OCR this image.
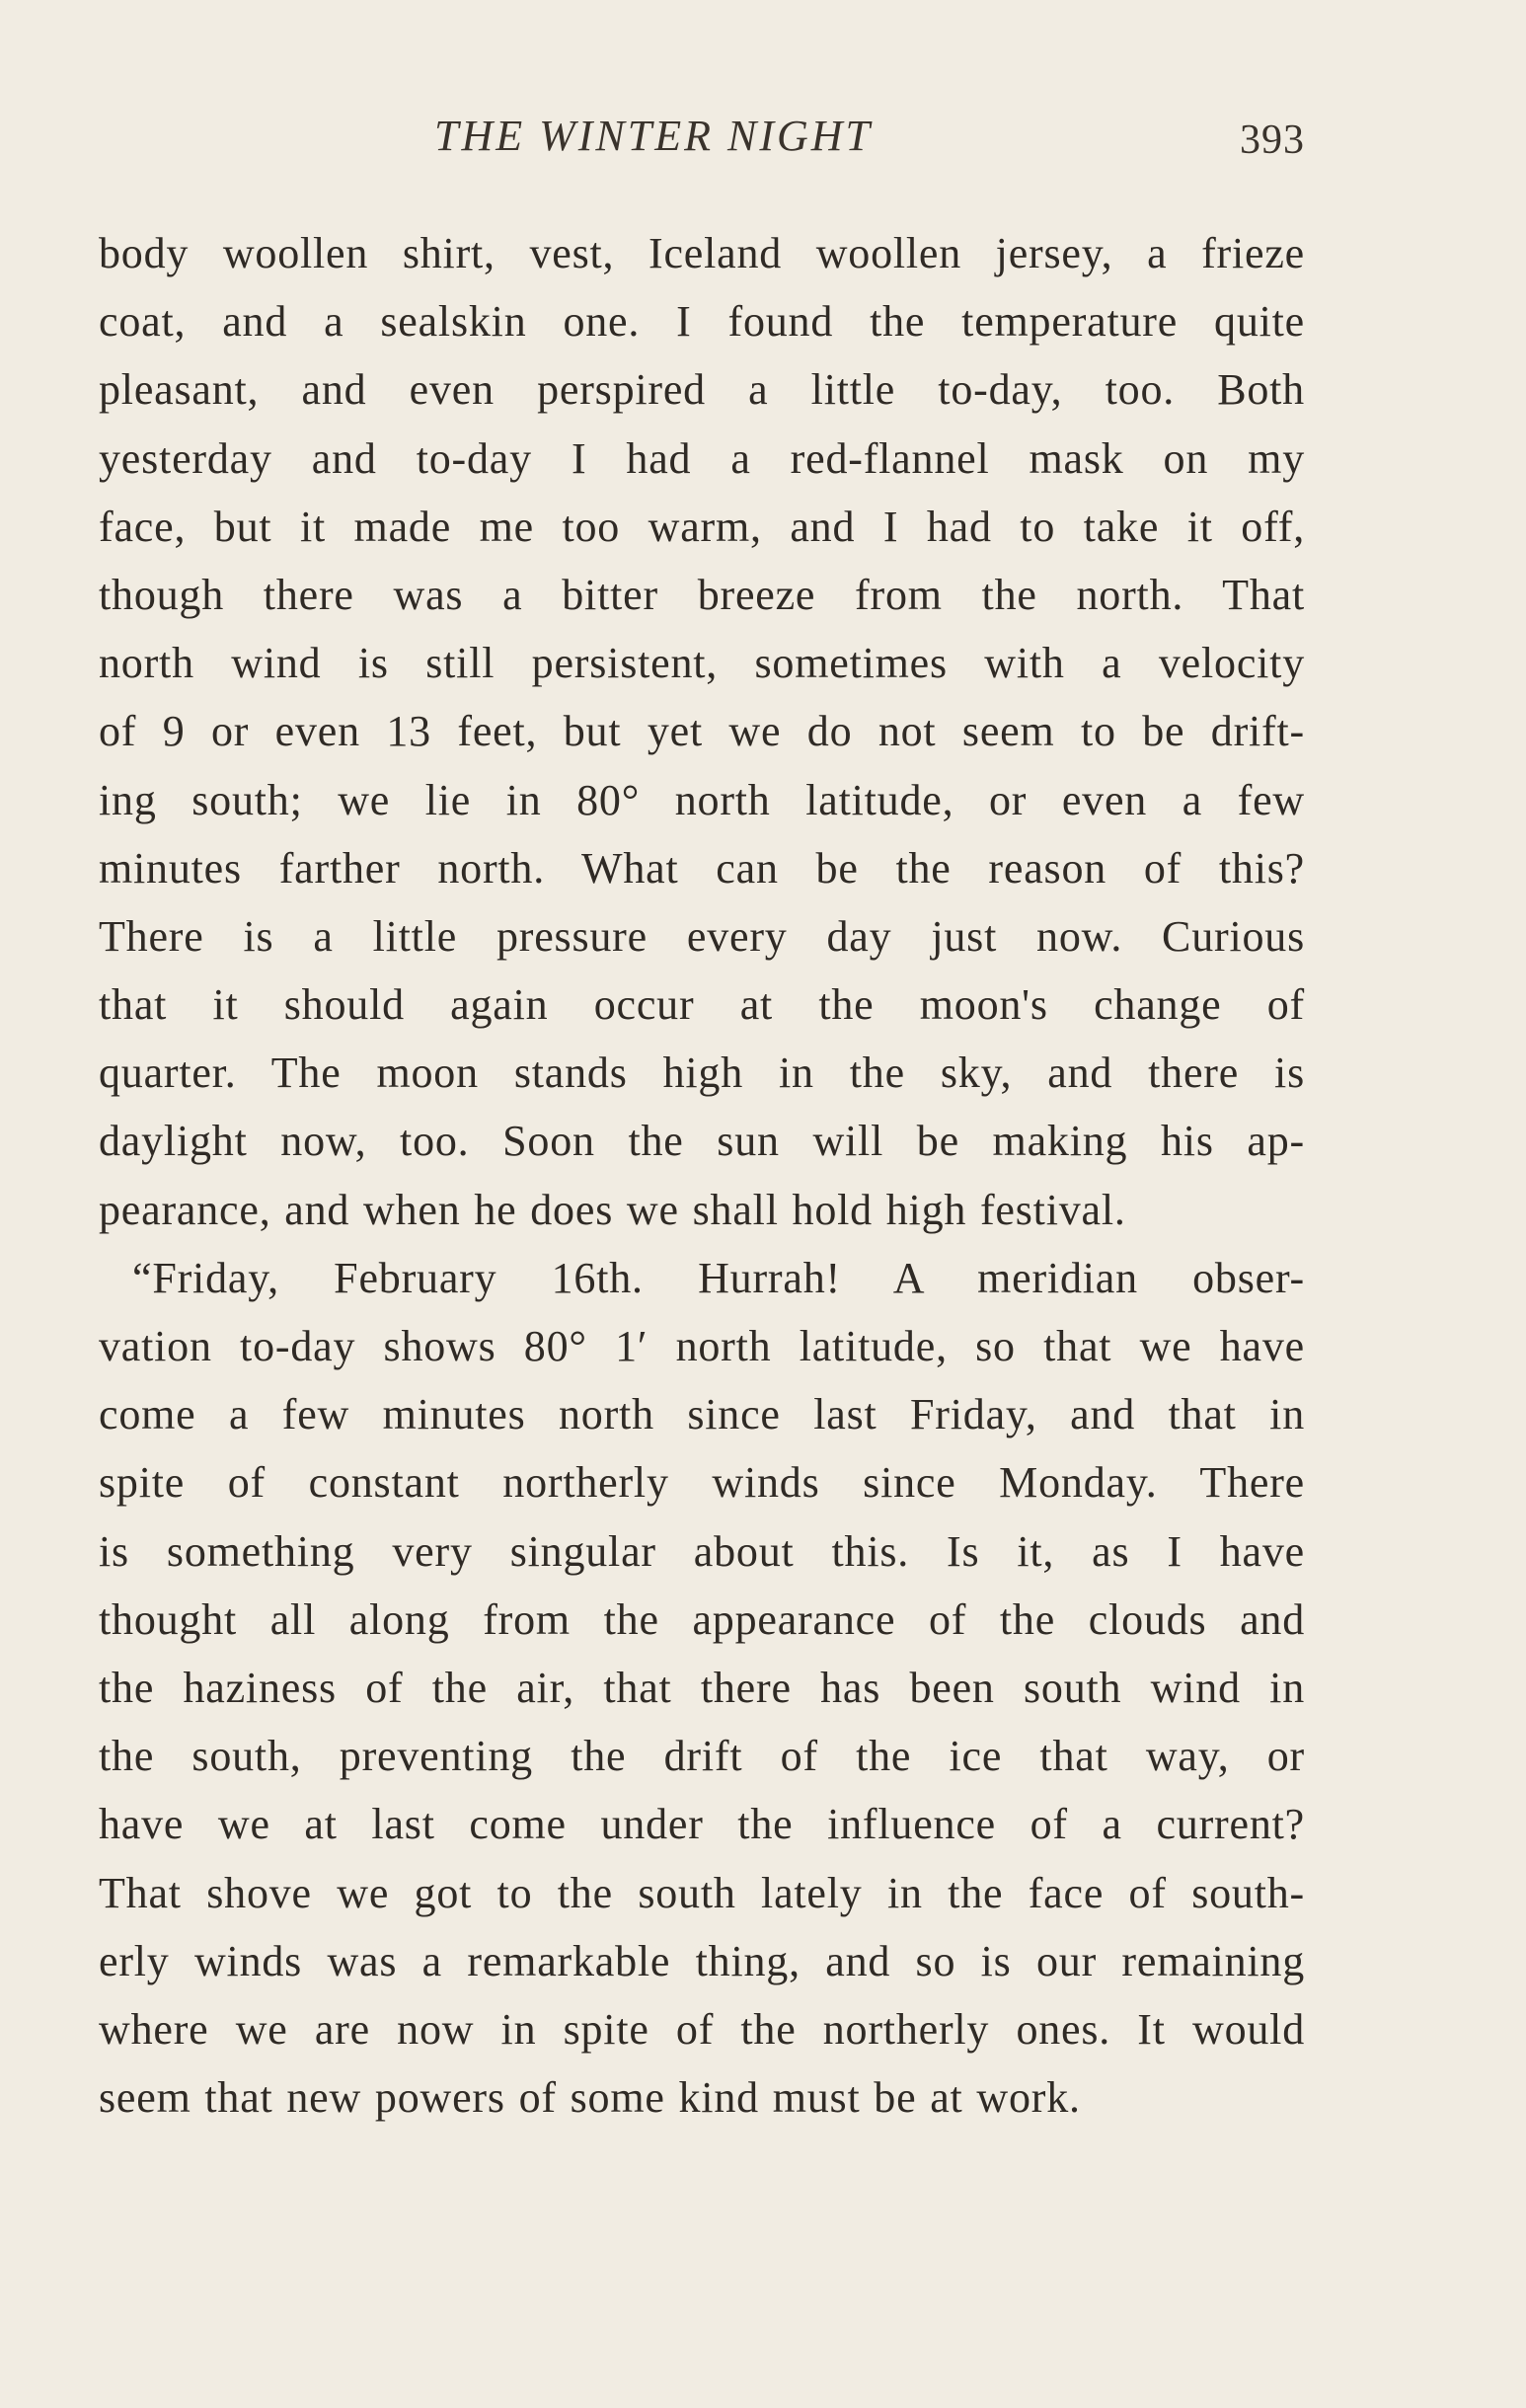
THE WINTER NIGHT	393
body woollen shirt, vest, Iceland woollen jersey, a frieze
coat, and a sealskin one. I found the temperature quite
pleasant, and even perspired a little to-day, too. Both
yesterday and to-day I had a red-flannel mask on my
face, but it made me too warm, and I had to take it off,
though there was a bitter breeze from the north. That
north wind is still persistent, sometimes with a velocity
of 9 or even 13 feet, but yet we do not seem to be drift-
ing south; we lie in 80° north latitude, or even a few
minutes farther north. What can be the reason of this?
There is a little pressure every day just now. Curious
that it should again occur at the moon's change of
quarter. The moon stands high in the sky, and there is
daylight now, too. Soon the sun will be making his ap-
pearance, and when he does we shall hold high festival.
“Friday, February 16th. Hurrah! A meridian obser-
vation to-day shows 80° 1′ north latitude, so that we have
come a few minutes north since last Friday, and that in
spite of constant northerly winds since Monday. There
is something very singular about this. Is it, as I have
thought all along from the appearance of the clouds and
the haziness of the air, that there has been south wind in
the south, preventing the drift of the ice that way, or
have we at last come under the influence of a current?
That shove we got to the south lately in the face of south-
erly winds was a remarkable thing, and so is our remaining
where we are now in spite of the northerly ones. It would
seem that new powers of some kind must be at work.
